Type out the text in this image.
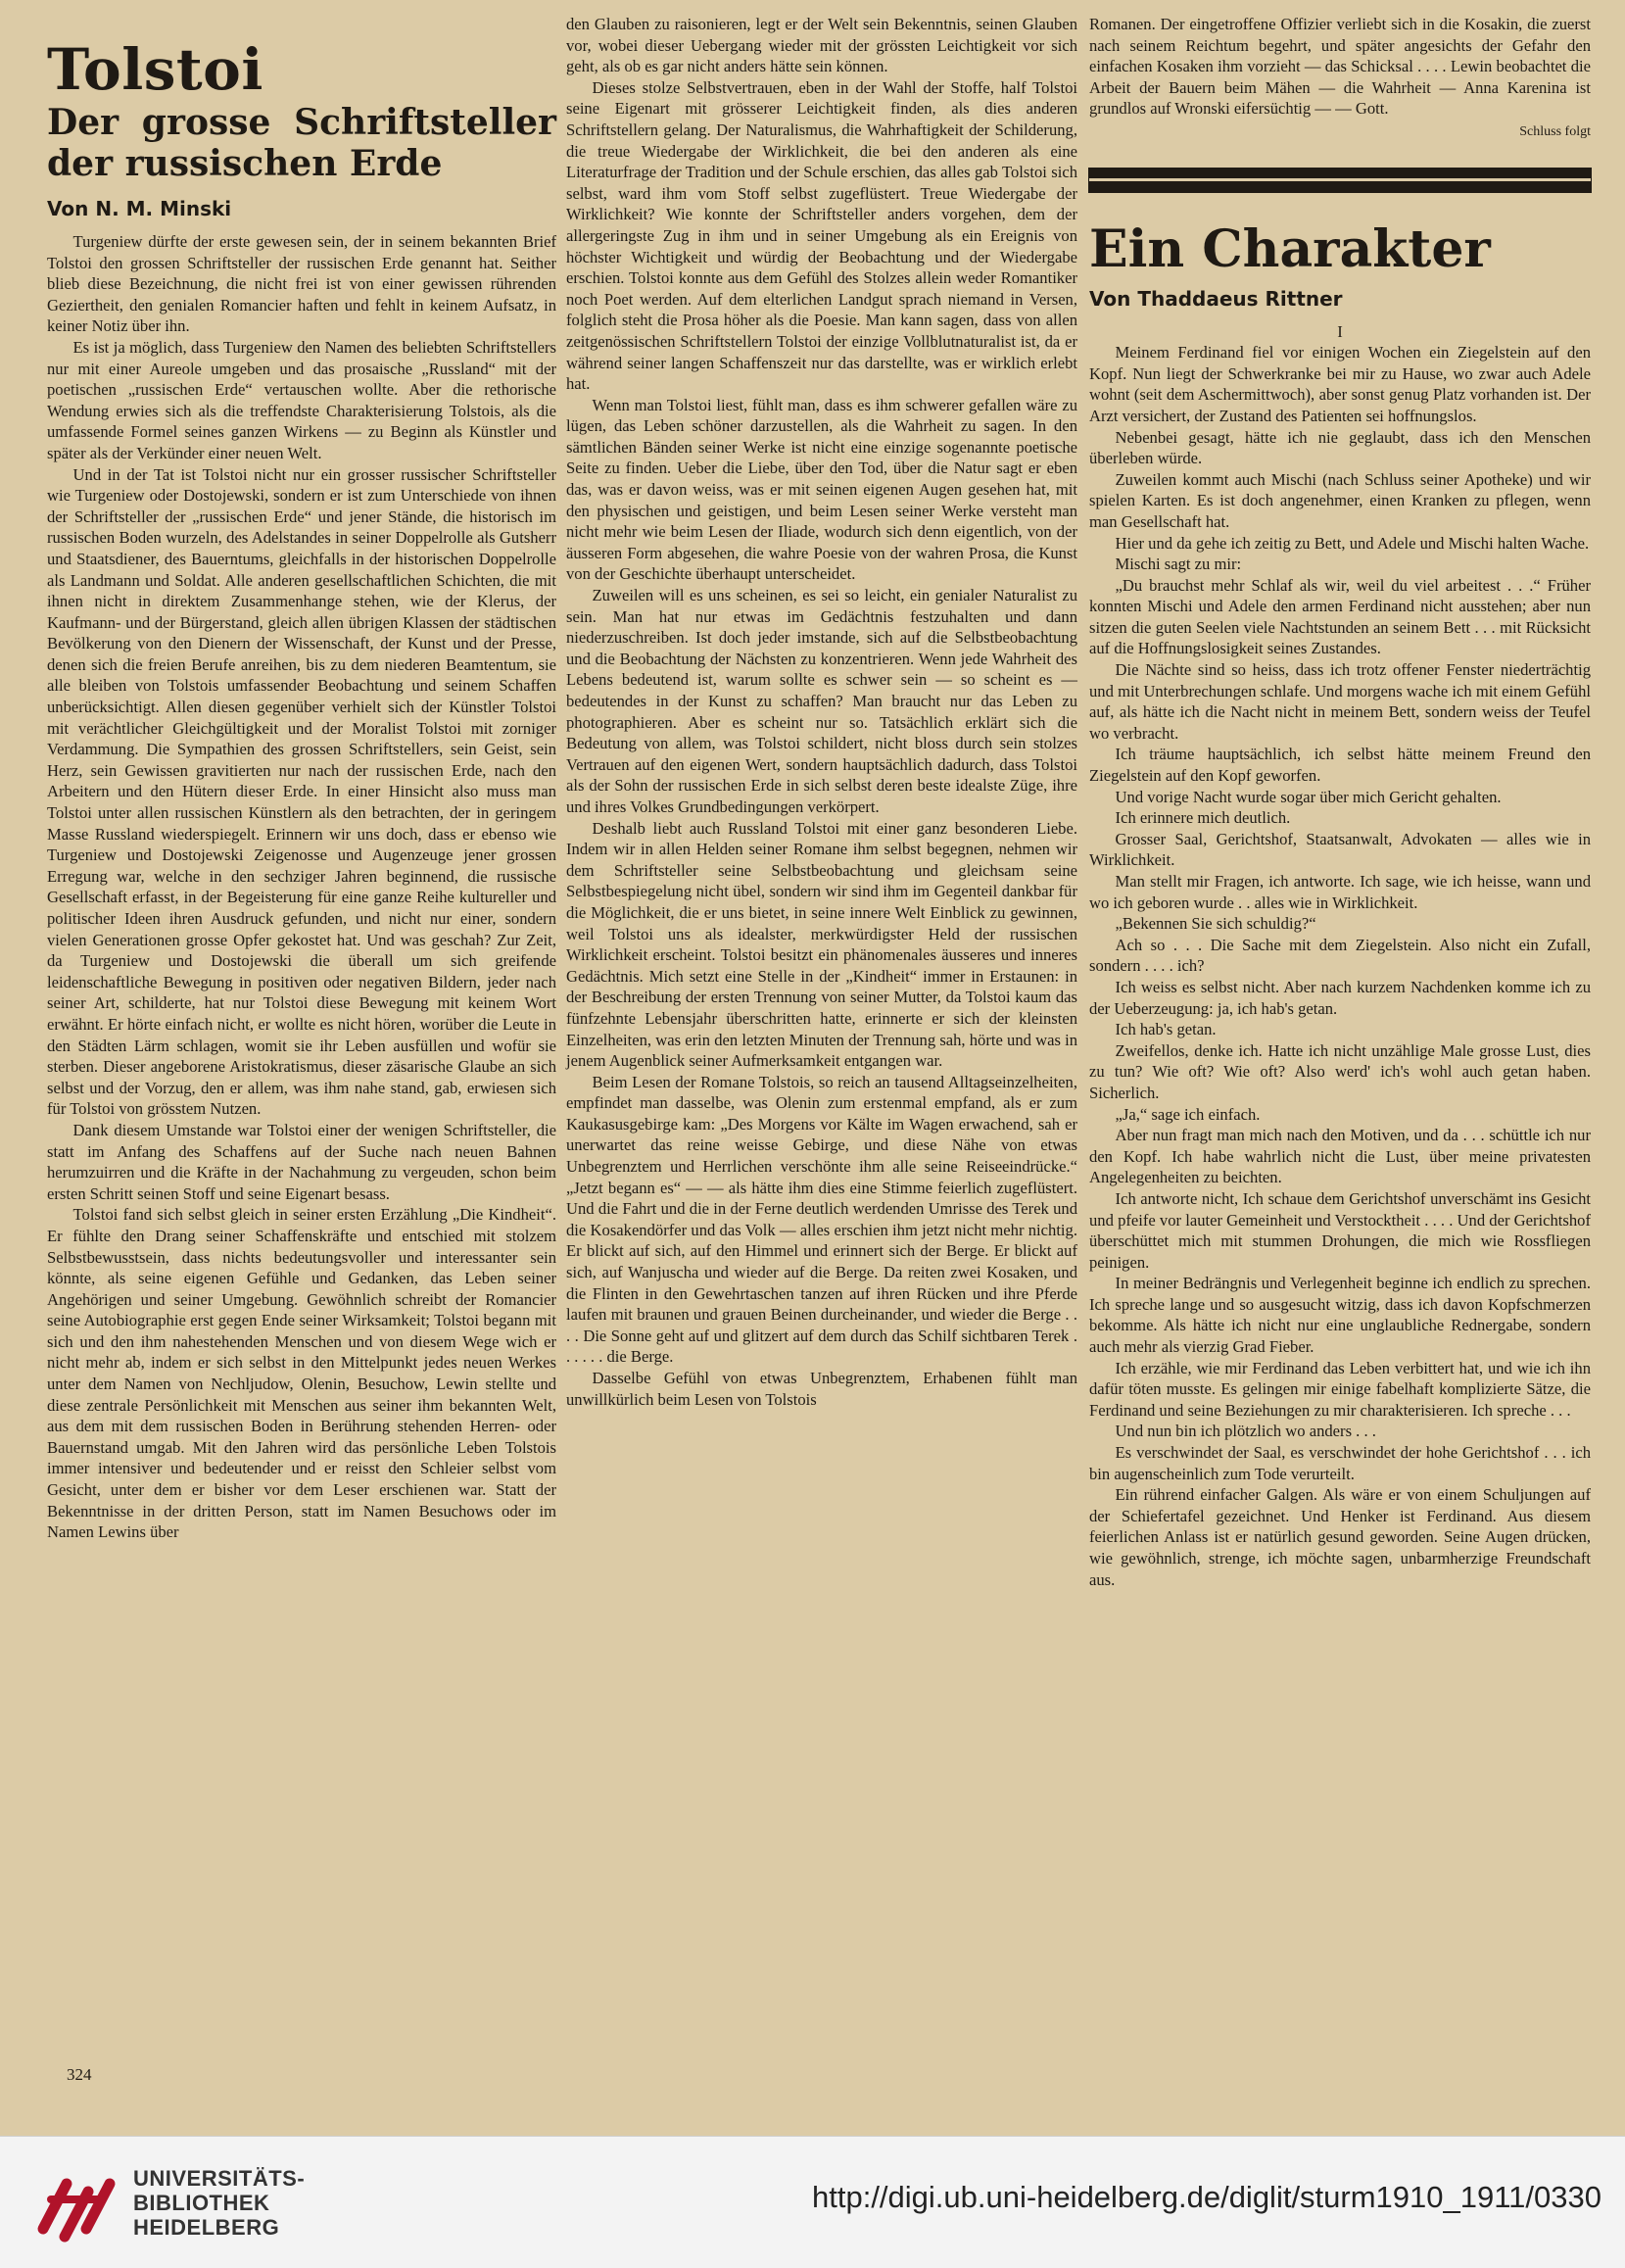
Tolstoi
Der grosse Schriftsteller der russischen Erde
Von N. M. Minski

Turgeniew dürfte der erste gewesen sein, der in seinem bekannten Brief Tolstoi den grossen Schriftsteller der russischen Erde genannt hat. Seither blieb diese Bezeichnung, die nicht frei ist von einer gewissen rührenden Geziertheit, den genialen Romancier haften und fehlt in keinem Aufsatz, in keiner Notiz über ihn.

Es ist ja möglich, dass Turgeniew den Namen des beliebten Schriftstellers nur mit einer Aureole umgeben und das prosaische „Russland“ mit der poetischen „russischen Erde“ vertauschen wollte. Aber die rethorische Wendung erwies sich als die treffendste Charakterisierung Tolstois, als die umfassende Formel seines ganzen Wirkens — zu Beginn als Künstler und später als der Verkünder einer neuen Welt.

Und in der Tat ist Tolstoi nicht nur ein grosser russischer Schriftsteller wie Turgeniew oder Dostojewski, sondern er ist zum Unterschiede von ihnen der Schriftsteller der „russischen Erde“ und jener Stände, die historisch im russischen Boden wurzeln, des Adelstandes in seiner Doppelrolle als Gutsherr und Staatsdiener, des Bauerntums, gleichfalls in der historischen Doppelrolle als Landmann und Soldat. Alle anderen gesellschaftlichen Schichten, die mit ihnen nicht in direktem Zusammenhange stehen, wie der Klerus, der Kaufmann- und der Bürgerstand, gleich allen übrigen Klassen der städtischen Bevölkerung von den Dienern der Wissenschaft, der Kunst und der Presse, denen sich die freien Berufe anreihen, bis zu dem niederen Beamtentum, sie alle bleiben von Tolstois umfassender Beobachtung und seinem Schaffen unberücksichtigt. Allen diesen gegenüber verhielt sich der Künstler Tolstoi mit verächtlicher Gleichgültigkeit und der Moralist Tolstoi mit zorniger Verdammung. Die Sympathien des grossen Schriftstellers, sein Geist, sein Herz, sein Gewissen gravitierten nur nach der russischen Erde, nach den Arbeitern und den Hütern dieser Erde. In einer Hinsicht also muss man Tolstoi unter allen russischen Künstlern als den betrachten, der in geringem Masse Russland wiederspiegelt. Erinnern wir uns doch, dass er ebenso wie Turgeniew und Dostojewski Zeigenosse und Augenzeuge jener grossen Erregung war, welche in den sechziger Jahren beginnend, die russische Gesellschaft erfasst, in der Begeisterung für eine ganze Reihe kultureller und politischer Ideen ihren Ausdruck gefunden, und nicht nur einer, sondern vielen Generationen grosse Opfer gekostet hat. Und was geschah? Zur Zeit, da Turgeniew und Dostojewski die überall um sich greifende leidenschaftliche Bewegung in positiven oder negativen Bildern, jeder nach seiner Art, schilderte, hat nur Tolstoi diese Bewegung mit keinem Wort erwähnt. Er hörte einfach nicht, er wollte es nicht hören, worüber die Leute in den Städten Lärm schlagen, womit sie ihr Leben ausfüllen und wofür sie sterben. Dieser angeborene Aristokratismus, dieser zäsarische Glaube an sich selbst und der Vorzug, den er allem, was ihm nahe stand, gab, erwiesen sich für Tolstoi von grösstem Nutzen.

Dank diesem Umstande war Tolstoi einer der wenigen Schriftsteller, die statt im Anfang des Schaffens auf der Suche nach neuen Bahnen herumzuirren und die Kräfte in der Nachahmung zu vergeuden, schon beim ersten Schritt seinen Stoff und seine Eigenart besass.

Tolstoi fand sich selbst gleich in seiner ersten Erzählung „Die Kindheit“. Er fühlte den Drang seiner Schaffenskräfte und entschied mit stolzem Selbstbewusstsein, dass nichts bedeutungsvoller und interessanter sein könnte, als seine eigenen Gefühle und Gedanken, das Leben seiner Angehörigen und seiner Umgebung. Gewöhnlich schreibt der Romancier seine Autobiographie erst gegen Ende seiner Wirksamkeit; Tolstoi begann mit sich und den ihm nahestehenden Menschen und von diesem Wege wich er nicht mehr ab, indem er sich selbst in den Mittelpunkt jedes neuen Werkes unter dem Namen von Nechljudow, Olenin, Besuchow, Lewin stellte und diese zentrale Persönlichkeit mit Menschen aus seiner ihm bekannten Welt, aus dem mit dem russischen Boden in Berührung stehenden Herren- oder Bauernstand umgab. Mit den Jahren wird das persönliche Leben Tolstois immer intensiver und bedeutender und er reisst den Schleier selbst vom Gesicht, unter dem er bisher vor dem Leser erschienen war. Statt der Bekenntnisse in der dritten Person, statt im Namen Besuchows oder im Namen Lewins über

den Glauben zu raisonieren, legt er der Welt sein Bekenntnis, seinen Glauben vor, wobei dieser Uebergang wieder mit der grössten Leichtigkeit vor sich geht, als ob es gar nicht anders hätte sein können.

Dieses stolze Selbstvertrauen, eben in der Wahl der Stoffe, half Tolstoi seine Eigenart mit grösserer Leichtigkeit finden, als dies anderen Schriftstellern gelang. Der Naturalismus, die Wahrhaftigkeit der Schilderung, die treue Wiedergabe der Wirklichkeit, die bei den anderen als eine Literaturfrage der Tradition und der Schule erschien, das alles gab Tolstoi sich selbst, ward ihm vom Stoff selbst zugeflüstert. Treue Wiedergabe der Wirklichkeit? Wie konnte der Schriftsteller anders vorgehen, dem der allergeringste Zug in ihm und in seiner Umgebung als ein Ereignis von höchster Wichtigkeit und würdig der Beobachtung und der Wiedergabe erschien. Tolstoi konnte aus dem Gefühl des Stolzes allein weder Romantiker noch Poet werden. Auf dem elterlichen Landgut sprach niemand in Versen, folglich steht die Prosa höher als die Poesie. Man kann sagen, dass von allen zeitgenössischen Schriftstellern Tolstoi der einzige Vollblutnaturalist ist, da er während seiner langen Schaffenszeit nur das darstellte, was er wirklich erlebt hat.

Wenn man Tolstoi liest, fühlt man, dass es ihm schwerer gefallen wäre zu lügen, das Leben schöner darzustellen, als die Wahrheit zu sagen. In den sämtlichen Bänden seiner Werke ist nicht eine einzige sogenannte poetische Seite zu finden. Ueber die Liebe, über den Tod, über die Natur sagt er eben das, was er davon weiss, was er mit seinen eigenen Augen gesehen hat, mit den physischen und geistigen, und beim Lesen seiner Werke versteht man nicht mehr wie beim Lesen der Iliade, wodurch sich denn eigentlich, von der äusseren Form abgesehen, die wahre Poesie von der wahren Prosa, die Kunst von der Geschichte überhaupt unterscheidet.

Zuweilen will es uns scheinen, es sei so leicht, ein genialer Naturalist zu sein. Man hat nur etwas im Gedächtnis festzuhalten und dann niederzuschreiben. Ist doch jeder imstande, sich auf die Selbstbeobachtung und die Beobachtung der Nächsten zu konzentrieren. Wenn jede Wahrheit des Lebens bedeutend ist, warum sollte es schwer sein — so scheint es — bedeutendes in der Kunst zu schaffen? Man braucht nur das Leben zu photographieren. Aber es scheint nur so. Tatsächlich erklärt sich die Bedeutung von allem, was Tolstoi schildert, nicht bloss durch sein stolzes Vertrauen auf den eigenen Wert, sondern hauptsächlich dadurch, dass Tolstoi als der Sohn der russischen Erde in sich selbst deren beste idealste Züge, ihre und ihres Volkes Grundbedingungen verkörpert.

Deshalb liebt auch Russland Tolstoi mit einer ganz besonderen Liebe. Indem wir in allen Helden seiner Romane ihm selbst begegnen, nehmen wir dem Schriftsteller seine Selbstbeobachtung und gleichsam seine Selbstbespiegelung nicht übel, sondern wir sind ihm im Gegenteil dankbar für die Möglichkeit, die er uns bietet, in seine innere Welt Einblick zu gewinnen, weil Tolstoi uns als idealster, merkwürdigster Held der russischen Wirklichkeit erscheint. Tolstoi besitzt ein phänomenales äusseres und inneres Gedächtnis. Mich setzt eine Stelle in der „Kindheit“ immer in Erstaunen: in der Beschreibung der ersten Trennung von seiner Mutter, da Tolstoi kaum das fünfzehnte Lebensjahr überschritten hatte, erinnerte er sich der kleinsten Einzelheiten, was erin den letzten Minuten der Trennung sah, hörte und was in jenem Augenblick seiner Aufmerksamkeit entgangen war.

Beim Lesen der Romane Tolstois, so reich an tausend Alltagseinzelheiten, empfindet man dasselbe, was Olenin zum erstenmal empfand, als er zum Kaukasusgebirge kam: „Des Morgens vor Kälte im Wagen erwachend, sah er unerwartet das reine weisse Gebirge, und diese Nähe von etwas Unbegrenztem und Herrlichen verschönte ihm alle seine Reiseeindrücke.“ „Jetzt begann es“ — — als hätte ihm dies eine Stimme feierlich zugeflüstert. Und die Fahrt und die in der Ferne deutlich werdenden Umrisse des Terek und die Kosakendörfer und das Volk — alles erschien ihm jetzt nicht mehr nichtig. Er blickt auf sich, auf den Himmel und erinnert sich der Berge. Er blickt auf sich, auf Wanjuscha und wieder auf die Berge. Da reiten zwei Kosaken, und die Flinten in den Gewehrtaschen tanzen auf ihren Rücken und ihre Pferde laufen mit braunen und grauen Beinen durcheinander, und wieder die Berge . . . . Die Sonne geht auf und glitzert auf dem durch das Schilf sichtbaren Terek . . . . . . die Berge.

Dasselbe Gefühl von etwas Unbegrenztem, Erhabenen fühlt man unwillkürlich beim Lesen von Tolstois

Romanen. Der eingetroffene Offizier verliebt sich in die Kosakin, die zuerst nach seinem Reichtum begehrt, und später angesichts der Gefahr den einfachen Kosaken ihm vorzieht — das Schicksal . . . . Lewin beobachtet die Arbeit der Bauern beim Mähen — die Wahrheit — Anna Karenina ist grundlos auf Wronski eifersüchtig — — Gott.

Schluss folgt
Ein Charakter
Von Thaddaeus Rittner

I

Meinem Ferdinand fiel vor einigen Wochen ein Ziegelstein auf den Kopf. Nun liegt der Schwerkranke bei mir zu Hause, wo zwar auch Adele wohnt (seit dem Aschermittwoch), aber sonst genug Platz vorhanden ist. Der Arzt versichert, der Zustand des Patienten sei hoffnungslos.

Nebenbei gesagt, hätte ich nie geglaubt, dass ich den Menschen überleben würde.

Zuweilen kommt auch Mischi (nach Schluss seiner Apotheke) und wir spielen Karten. Es ist doch angenehmer, einen Kranken zu pflegen, wenn man Gesellschaft hat.

Hier und da gehe ich zeitig zu Bett, und Adele und Mischi halten Wache.

Mischi sagt zu mir:

„Du brauchst mehr Schlaf als wir, weil du viel arbeitest . . .“ Früher konnten Mischi und Adele den armen Ferdinand nicht ausstehen; aber nun sitzen die guten Seelen viele Nachtstunden an seinem Bett . . . mit Rücksicht auf die Hoffnungslosigkeit seines Zustandes.

Die Nächte sind so heiss, dass ich trotz offener Fenster niederträchtig und mit Unterbrechungen schlafe. Und morgens wache ich mit einem Gefühl auf, als hätte ich die Nacht nicht in meinem Bett, sondern weiss der Teufel wo verbracht.

Ich träume hauptsächlich, ich selbst hätte meinem Freund den Ziegelstein auf den Kopf geworfen.

Und vorige Nacht wurde sogar über mich Gericht gehalten.

Ich erinnere mich deutlich.

Grosser Saal, Gerichtshof, Staatsanwalt, Advokaten — alles wie in Wirklichkeit.

Man stellt mir Fragen, ich antworte. Ich sage, wie ich heisse, wann und wo ich geboren wurde . . alles wie in Wirklichkeit.

„Bekennen Sie sich schuldig?“

Ach so . . . Die Sache mit dem Ziegelstein. Also nicht ein Zufall, sondern . . . . ich?

Ich weiss es selbst nicht. Aber nach kurzem Nachdenken komme ich zu der Ueberzeugung: ja, ich hab's getan.

Ich hab's getan.

Zweifellos, denke ich. Hatte ich nicht unzählige Male grosse Lust, dies zu tun? Wie oft? Wie oft? Also werd' ich's wohl auch getan haben. Sicherlich.

„Ja,“ sage ich einfach.

Aber nun fragt man mich nach den Motiven, und da . . . schüttle ich nur den Kopf. Ich habe wahrlich nicht die Lust, über meine privatesten Angelegenheiten zu beichten.

Ich antworte nicht, Ich schaue dem Gerichtshof unverschämt ins Gesicht und pfeife vor lauter Gemeinheit und Verstocktheit . . . . Und der Gerichtshof überschüttet mich mit stummen Drohungen, die mich wie Rossfliegen peinigen.

In meiner Bedrängnis und Verlegenheit beginne ich endlich zu sprechen. Ich spreche lange und so ausgesucht witzig, dass ich davon Kopfschmerzen bekomme. Als hätte ich nicht nur eine unglaubliche Rednergabe, sondern auch mehr als vierzig Grad Fieber.

Ich erzähle, wie mir Ferdinand das Leben verbittert hat, und wie ich ihn dafür töten musste. Es gelingen mir einige fabelhaft komplizierte Sätze, die Ferdinand und seine Beziehungen zu mir charakterisieren. Ich spreche . . .

Und nun bin ich plötzlich wo anders . . .

Es verschwindet der Saal, es verschwindet der hohe Gerichtshof . . . ich bin augenscheinlich zum Tode verurteilt.

Ein rührend einfacher Galgen. Als wäre er von einem Schuljungen auf der Schiefertafel gezeichnet. Und Henker ist Ferdinand. Aus diesem feierlichen Anlass ist er natürlich gesund geworden. Seine Augen drücken, wie gewöhnlich, strenge, ich möchte sagen, unbarmherzige Freundschaft aus.

324
UNIVERSITÄTS-
BIBLIOTHEK
HEIDELBERG
http://digi.ub.uni-heidelberg.de/diglit/sturm1910_1911/0330
